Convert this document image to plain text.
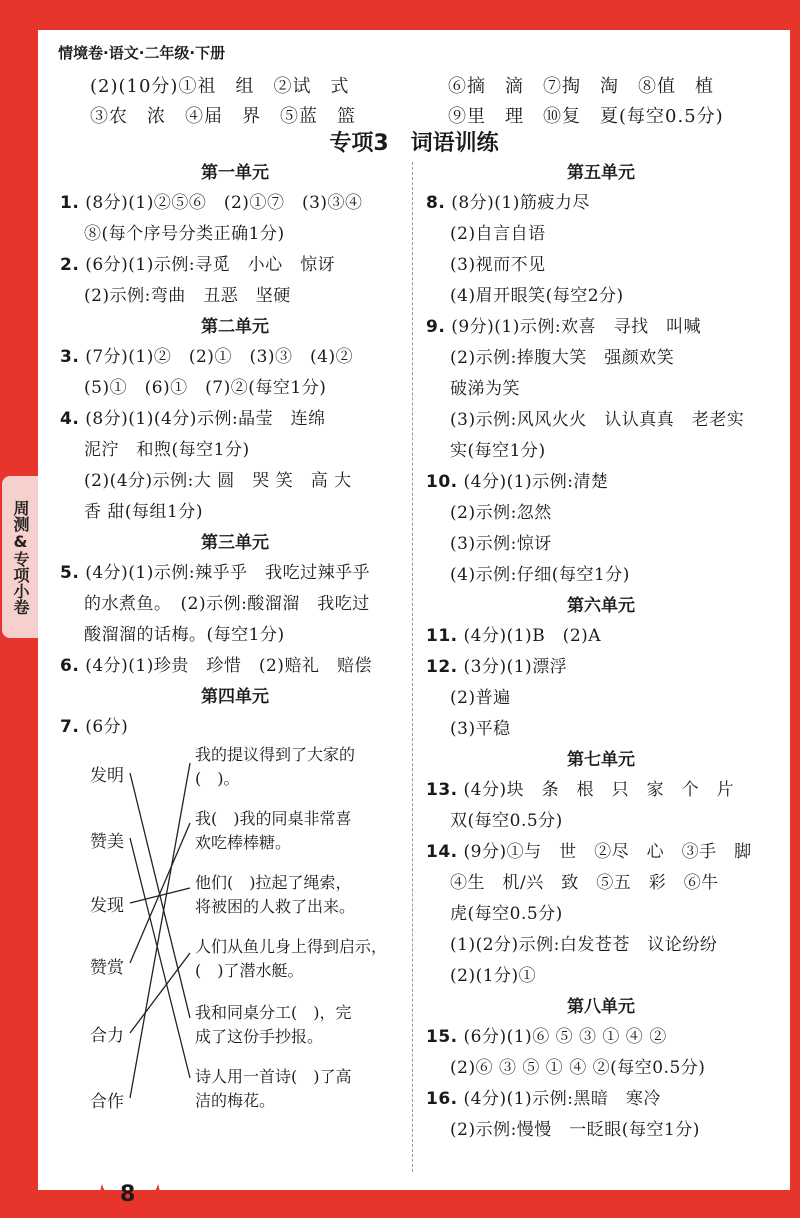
情境卷·语文·二年级·下册
(2)(10分)①祖　组　②试　式
③农　浓　④届　界　⑤蓝　篮
⑥摘　滴　⑦掏　淘　⑧值　植
⑨里　理　⑩复　夏(每空0.5分)
专项3　词语训练
第一单元
1. (8分)(1)②⑤⑥　(2)①⑦　(3)③④
⑧(每个序号分类正确1分)
2. (6分)(1)示例:寻觅　小心　惊讶
(2)示例:弯曲　丑恶　坚硬
第二单元
3. (7分)(1)②　(2)①　(3)③　(4)②
(5)①　(6)①　(7)②(每空1分)
4. (8分)(1)(4分)示例:晶莹　连绵
泥泞　和煦(每空1分)
(2)(4分)示例:大 圆　哭 笑　高 大
香 甜(每组1分)
第三单元
5. (4分)(1)示例:辣乎乎　我吃过辣乎乎
的水煮鱼。　(2)示例:酸溜溜　我吃过
酸溜溜的话梅。(每空1分)
6. (4分)(1)珍贵　珍惜　(2)赔礼　赔偿
第四单元
7. (6分)
发明
赞美
发现
赞赏
合力
合作
我的提议得到了大家的
(　)。
我(　)我的同桌非常喜
欢吃棒棒糖。
他们(　)拉起了绳索，
将被困的人救了出来。
人们从鱼儿身上得到启示，
(　)了潜水艇。
我和同桌分工(　)，完
成了这份手抄报。
诗人用一首诗(　)了高
洁的梅花。
第五单元
8. (8分)(1)筋疲力尽
(2)自言自语
(3)视而不见
(4)眉开眼笑(每空2分)
9. (9分)(1)示例:欢喜　寻找　叫喊
(2)示例:捧腹大笑　强颜欢笑
破涕为笑
(3)示例:风风火火　认认真真　老老实
实(每空1分)
10. (4分)(1)示例:清楚
(2)示例:忽然
(3)示例:惊讶
(4)示例:仔细(每空1分)
第六单元
11. (4分)(1)B　(2)A
12. (3分)(1)漂浮
(2)普遍
(3)平稳
第七单元
13. (4分)块　条　根　只　家　个　片
双(每空0.5分)
14. (9分)①与　世　②尽　心　③手　脚
④生　机/兴　致　⑤五　彩　⑥牛
虎(每空0.5分)
(1)(2分)示例:白发苍苍　议论纷纷
(2)(1分)①
第八单元
15. (6分)(1)⑥ ⑤ ③ ① ④ ②
(2)⑥ ③ ⑤ ① ④ ②(每空0.5分)
16. (4分)(1)示例:黑暗　寒冷
(2)示例:慢慢　一眨眼(每空1分)
8
周测&专项小卷
